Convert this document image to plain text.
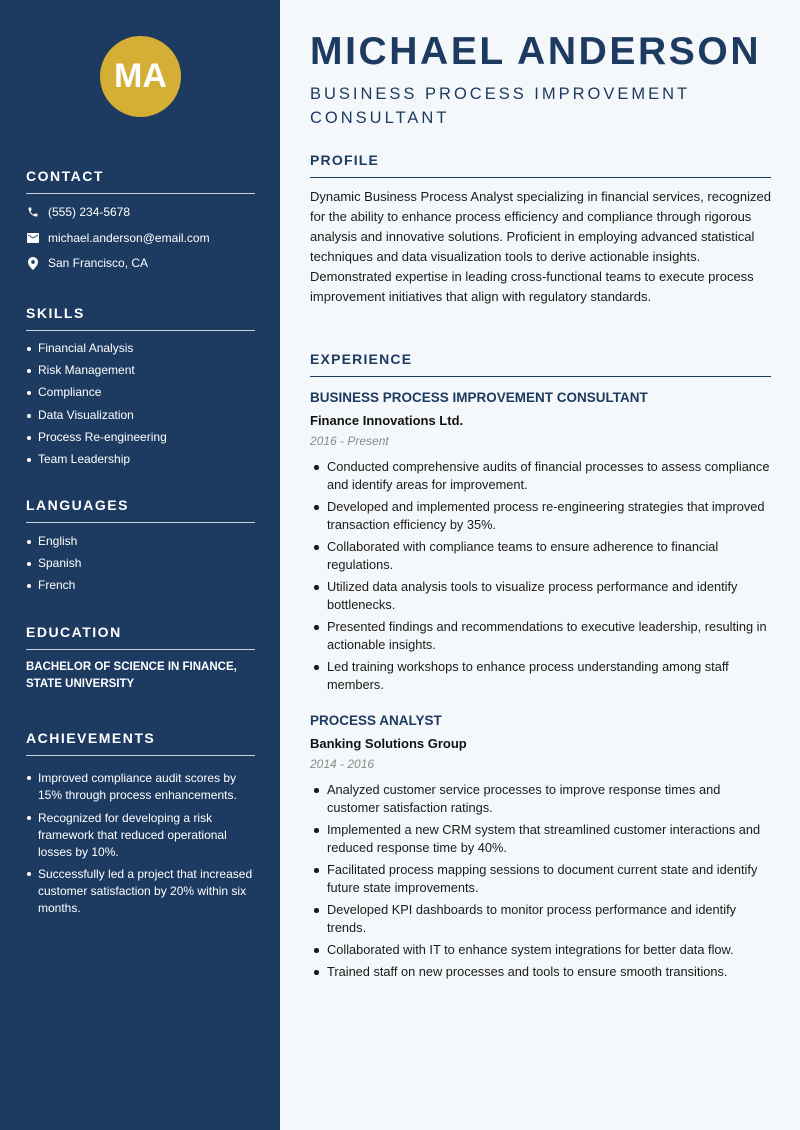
MA
CONTACT
(555) 234-5678
michael.anderson@email.com
San Francisco, CA
SKILLS
Financial Analysis
Risk Management
Compliance
Data Visualization
Process Re-engineering
Team Leadership
LANGUAGES
English
Spanish
French
EDUCATION
BACHELOR OF SCIENCE IN FINANCE, STATE UNIVERSITY
ACHIEVEMENTS
Improved compliance audit scores by 15% through process enhancements.
Recognized for developing a risk framework that reduced operational losses by 10%.
Successfully led a project that increased customer satisfaction by 20% within six months.
MICHAEL ANDERSON
BUSINESS PROCESS IMPROVEMENT CONSULTANT
PROFILE
Dynamic Business Process Analyst specializing in financial services, recognized for the ability to enhance process efficiency and compliance through rigorous analysis and innovative solutions. Proficient in employing advanced statistical techniques and data visualization tools to derive actionable insights. Demonstrated expertise in leading cross-functional teams to execute process improvement initiatives that align with regulatory standards.
EXPERIENCE
BUSINESS PROCESS IMPROVEMENT CONSULTANT
Finance Innovations Ltd.
2016 - Present
Conducted comprehensive audits of financial processes to assess compliance and identify areas for improvement.
Developed and implemented process re-engineering strategies that improved transaction efficiency by 35%.
Collaborated with compliance teams to ensure adherence to financial regulations.
Utilized data analysis tools to visualize process performance and identify bottlenecks.
Presented findings and recommendations to executive leadership, resulting in actionable insights.
Led training workshops to enhance process understanding among staff members.
PROCESS ANALYST
Banking Solutions Group
2014 - 2016
Analyzed customer service processes to improve response times and customer satisfaction ratings.
Implemented a new CRM system that streamlined customer interactions and reduced response time by 40%.
Facilitated process mapping sessions to document current state and identify future state improvements.
Developed KPI dashboards to monitor process performance and identify trends.
Collaborated with IT to enhance system integrations for better data flow.
Trained staff on new processes and tools to ensure smooth transitions.
